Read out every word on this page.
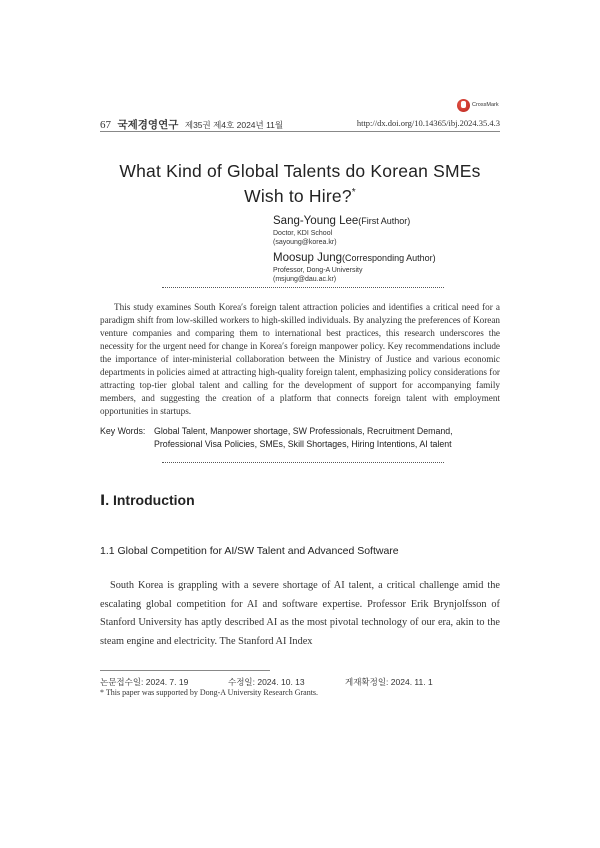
67 국제경영연구 제35권 제4호 2024년 11월
CrossMark
http://dx.doi.org/10.14365/ibj.2024.35.4.3
What Kind of Global Talents do Korean SMEs
Wish to Hire?*
Sang-Young Lee(First Author)
Doctor, KDI School
(sayoung@korea.kr)
Moosup Jung(Corresponding Author)
Professor, Dong-A University
(msjung@dau.ac.kr)
This study examines South Korea′s foreign talent attraction policies and identifies a critical need for a paradigm shift from low-skilled workers to high-skilled individuals. By analyzing the preferences of Korean venture companies and comparing them to international best practices, this research underscores the necessity for the urgent need for change in Korea′s foreign manpower policy. Key recommendations include the importance of inter-ministerial collaboration between the Ministry of Justice and various economic departments in policies aimed at attracting high-quality foreign talent, emphasizing policy considerations for attracting top-tier global talent and calling for the development of support for accompanying family members, and suggesting the creation of a platform that connects foreign talent with employment opportunities in startups.
Key Words: Global Talent, Manpower shortage, SW Professionals, Recruitment Demand, Professional Visa Policies, SMEs, Skill Shortages, Hiring Intentions, AI talent
Ⅰ. Introduction
1.1 Global Competition for AI/SW Talent and Advanced Software
South Korea is grappling with a severe shortage of AI talent, a critical challenge amid the escalating global competition for AI and software expertise. Professor Erik Brynjolfsson of Stanford University has aptly described AI as the most pivotal technology of our era, akin to the steam engine and electricity. The Stanford AI Index
논문접수일: 2024. 7. 19	수정일: 2024. 10. 13	게재확정일: 2024. 11. 1
* This paper was supported by Dong-A University Research Grants.
